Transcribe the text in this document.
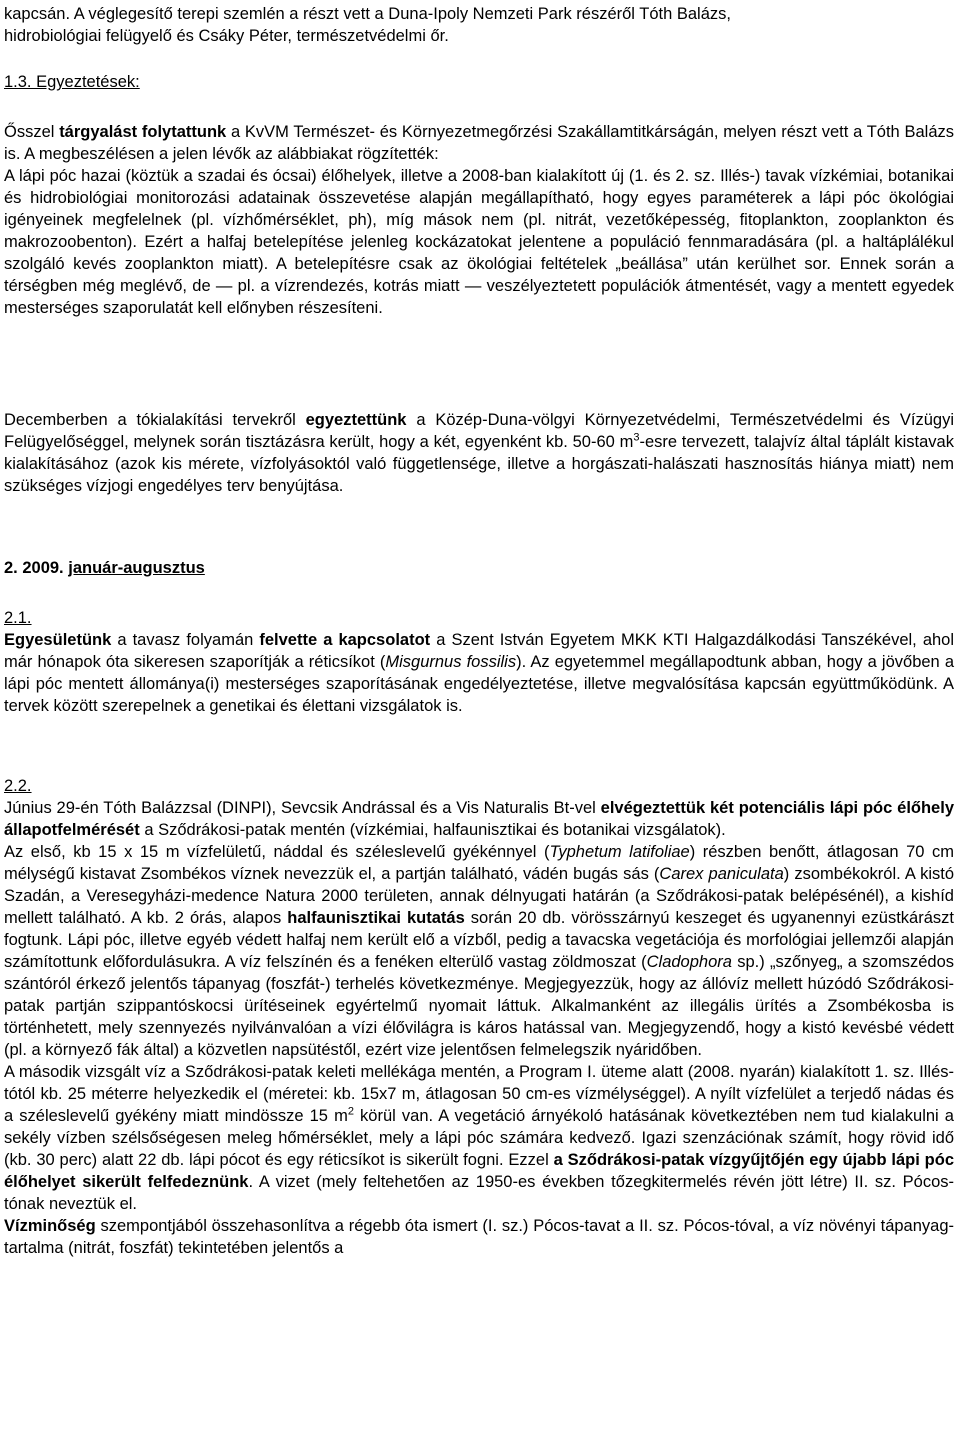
kapcsán. A véglegesítő terepi szemlén a részt vett a Duna-Ipoly Nemzeti Park részéről Tóth Balázs,
hidrobiológiai felügyelő és Csáky Péter, természetvédelmi őr.

1.3. Egyeztetések:

Ősszel tárgyalást folytattunk a KvVM Természet- és Környezetmegőrzési Szakállamtitkárságán, melyen részt vett a Tóth Balázs is. A megbeszélésen a jelen lévők az alábbiakat rögzítették:

A lápi póc hazai (köztük a szadai és ócsai) élőhelyek, illetve a 2008-ban kialakított új (1. és 2. sz. Illés-) tavak vízkémiai, botanikai és hidrobiológiai monitorozási adatainak összevetése alapján megállapítható, hogy egyes paraméterek a lápi póc ökológiai igényeinek megfelelnek (pl. vízhőmérséklet, ph), míg mások nem (pl. nitrát, vezetőképesség, fitoplankton, zooplankton és makrozoobenton). Ezért a halfaj betelepítése jelenleg kockázatokat jelentene a populáció fennmaradására (pl. a haltáplálékul szolgáló kevés zooplankton miatt). A betelepítésre csak az ökológiai feltételek „beállása” után kerülhet sor. Ennek során a térségben még meglévő, de — pl. a vízrendezés, kotrás miatt — veszélyeztetett populációk átmentését, vagy a mentett egyedek mesterséges szaporulatát kell előnyben részesíteni.

Decemberben a tókialakítási tervekről egyeztettünk a Közép-Duna-völgyi Környezetvédelmi, Természetvédelmi és Vízügyi Felügyelőséggel, melynek során tisztázásra került, hogy a két, egyenként kb. 50-60 $m^3$-esre tervezett, talajvíz által táplált kistavak kialakításához (azok kis mérete, vízfolyásoktól való függetlensége, illetve a horgászati-halászati hasznosítás hiánya miatt) nem szükséges vízjogi engedélyes terv benyújtása.

2. 2009. január-augusztus

2.1.

Egyesületünk a tavasz folyamán felvette a kapcsolatot a Szent István Egyetem MKK KTI Halgazdálkodási Tanszékével, ahol már hónapok óta sikeresen szaporítják a réticsíkot (Misgurnus fossilis). Az egyetemmel megállapodtunk abban, hogy a jövőben a lápi póc mentett állománya(i) mesterséges szaporításának engedélyeztetése, illetve megvalósítása kapcsán együttműködünk. A tervek között szerepelnek a genetikai és élettani vizsgálatok is.

2.2.

Június 29-én Tóth Balázzsal (DINPI), Sevcsik Andrással és a Vis Naturalis Bt-vel elvégeztettük két potenciális lápi póc élőhely állapotfelmérését a Sződrákosi-patak mentén (vízkémiai, halfaunisztikai és botanikai vizsgálatok).

Az első, kb 15 x 15 m vízfelületű, náddal és széleslevelű gyékénnyel (Typhetum latifoliae) részben benőtt, átlagosan 70 cm mélységű kistavat Zsombékos víznek nevezzük el, a partján található, vádén bugás sás (Carex paniculata) zsombékokról. A kistó Szadán, a Veresegyházi-medence Natura 2000 területen, annak délnyugati határán (a Sződrákosi-patak belépésénél), a kishíd mellett található. A kb. 2 órás, alapos halfaunisztikai kutatás során 20 db. vörösszárnyú keszeget és ugyanennyi ezüstkárászt fogtunk. Lápi póc, illetve egyéb védett halfaj nem került elő a vízből, pedig a tavacska vegetációja és morfológiai jellemzői alapján számítottunk előfordulásukra. A víz felszínén és a fenéken elterülő vastag zöldmoszat (Cladophora sp.) „szőnyeg„ a szomszédos szántóról érkező jelentős tápanyag (foszfát-) terhelés következménye. Megjegyezzük, hogy az állóvíz mellett húzódó Sződrákosi-patak partján szippantóskocsi ürítéseinek egyértelmű nyomait láttuk. Alkalmanként az illegális ürítés a Zsombékosba is történhetett, mely szennyezés nyilvánvalóan a vízi élővilágra is káros hatással van. Megjegyzendő, hogy a kistó kevésbé védett (pl. a környező fák által) a közvetlen napsütéstől, ezért vize jelentősen felmelegszik nyáridőben.

A második vizsgált víz a Sződrákosi-patak keleti mellékága mentén, a Program I. üteme alatt (2008. nyarán) kialakított 1. sz. Illés-tótól kb. 25 méterre helyezkedik el (méretei: kb. 15x7 m, átlagosan 50 cm-es vízmélységgel). A nyílt vízfelület a terjedő nádas és a széleslevelű gyékény miatt mindössze 15 $m^2$ körül van. A vegetáció árnyékoló hatásának következtében nem tud kialakulni a sekély vízben szélsőségesen meleg hőmérséklet, mely a lápi póc számára kedvező. Igazi szenzációnak számít, hogy rövid idő (kb. 30 perc) alatt 22 db. lápi pócot és egy réticsíkot is sikerült fogni. Ezzel a Sződrákosi-patak vízgyűjtőjén egy újabb lápi póc élőhelyet sikerült felfedeznünk. A vizet (mely feltehetően az 1950-es években tőzegkitermelés révén jött létre) II. sz. Pócos-tónak neveztük el.

Vízminőség szempontjából összehasonlítva a régebb óta ismert (I. sz.) Pócos-tavat a II. sz. Pócos-tóval, a víz növényi tápanyag-tartalma (nitrát, foszfát) tekintetében jelentős a
